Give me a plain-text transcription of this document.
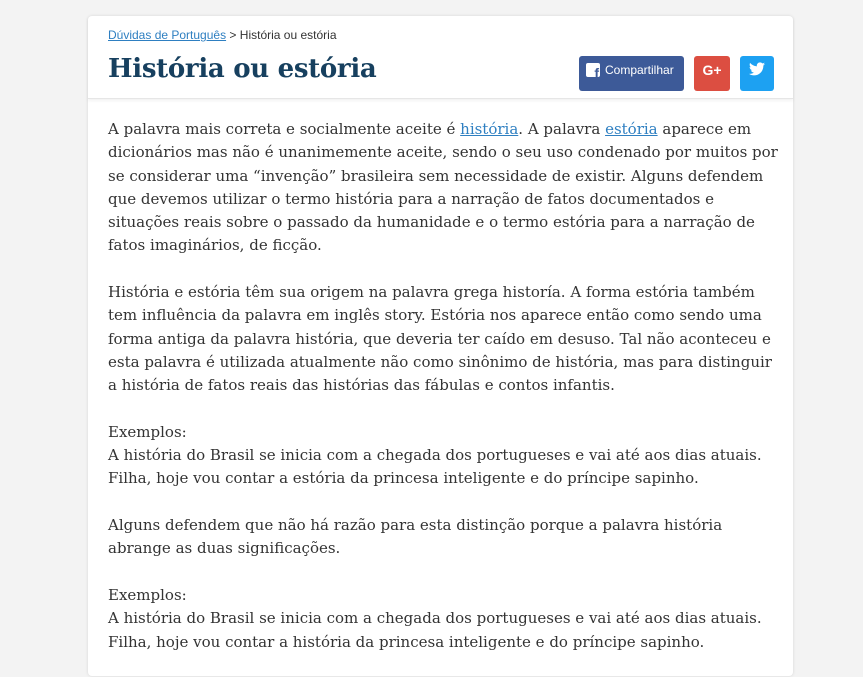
Dúvidas de Português > História ou estória
História ou estória	f Compartilhar	G+

A palavra mais correta e socialmente aceite é história. A palavra estória aparece em dicionários mas não é unanimemente aceite, sendo o seu uso condenado por muitos por se considerar uma “invenção” brasileira sem necessidade de existir. Alguns defendem que devemos utilizar o termo história para a narração de fatos documentados e situações reais sobre o passado da humanidade e o termo estória para a narração de fatos imaginários, de ficção.

História e estória têm sua origem na palavra grega historía. A forma estória também tem influência da palavra em inglês story. Estória nos aparece então como sendo uma forma antiga da palavra história, que deveria ter caído em desuso. Tal não aconteceu e esta palavra é utilizada atualmente não como sinônimo de história, mas para distinguir a história de fatos reais das histórias das fábulas e contos infantis.

Exemplos:
A história do Brasil se inicia com a chegada dos portugueses e vai até aos dias atuais.
Filha, hoje vou contar a estória da princesa inteligente e do príncipe sapinho.

Alguns defendem que não há razão para esta distinção porque a palavra história abrange as duas significações.

Exemplos:
A história do Brasil se inicia com a chegada dos portugueses e vai até aos dias atuais.
Filha, hoje vou contar a história da princesa inteligente e do príncipe sapinho.
